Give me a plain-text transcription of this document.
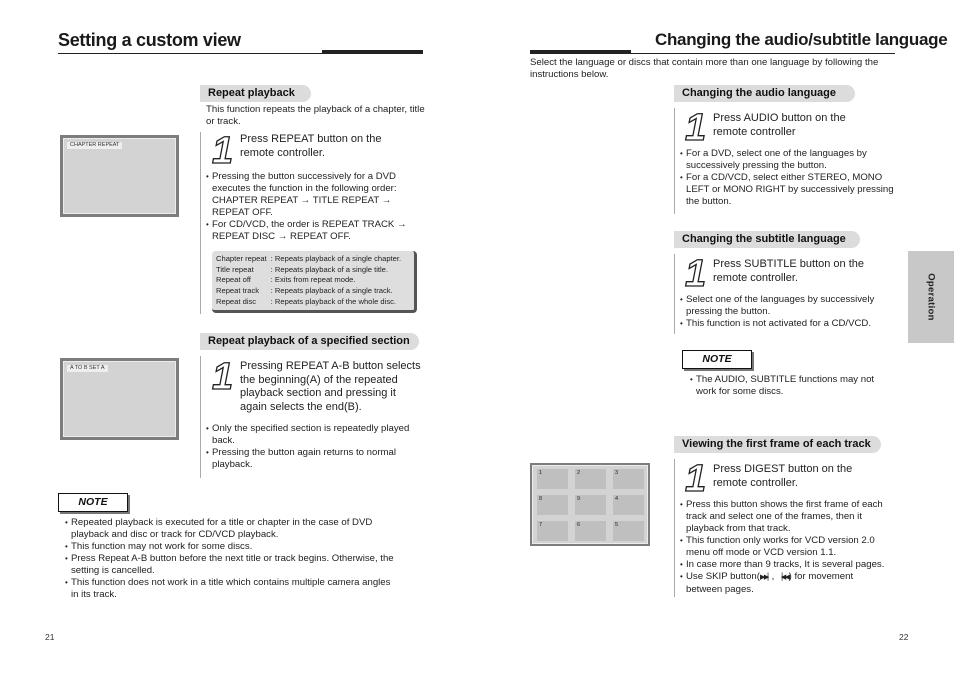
Setting a custom view
Repeat playback
This function repeats the playback of a chapter, title or track.
CHAPTER REPEAT 1 Press REPEAT button on the remote controller.
• Pressing the button successively for a DVD executes the function in the following order: CHAPTER REPEAT → TITLE REPEAT → REPEAT OFF.
• For CD/VCD, the order is REPEAT TRACK → REPEAT DISC → REPEAT OFF.
Chapter repeat	: Repeats playback of a single chapter.
Title repeat	: Repeats playback of a single title.
Repeat off	: Exits from repeat mode.
Repeat track	: Repeats playback of a single track.
Repeat disc	: Repeats playback of the whole disc.
Repeat playback of a specified section
A TO B SET A	1 Pressing REPEAT A-B button selects the beginning(A) of the repeated playback section and pressing it again selects the end(B).
• Only the specified section is repeatedly played back.
• Pressing the button again returns to normal playback.
NOTE
• Repeated playback is executed for a title or chapter in the case of DVD playback and disc or track for CD/VCD playback.
• This function may not work for some discs.
• Press Repeat A-B button before the next title or track begins. Otherwise, the setting is cancelled.
• This function does not work in a title which contains multiple camera angles in its track.
21
Changing the audio/subtitle language
Select the language or discs that contain more than one language by following the instructions below.
Changing the audio language
1 Press AUDIO button on the remote controller
• For a DVD, select one of the languages by successively pressing the button.
• For a CD/VCD, select either STEREO, MONO LEFT or MONO RIGHT by successively pressing the button.
Changing the subtitle language
1 Press SUBTITLE button on the remote controller.
• Select one of the languages by successively pressing the button.
• This function is not activated for a CD/VCD.
NOTE
• The AUDIO, SUBTITLE functions may not work for some discs.
Viewing the first frame of each track
1	2	3
8	9	4
7	6	5
1 Press DIGEST button on the remote controller.
• Press this button shows the first frame of each track and select one of the frames, then it playback from that track.
• This function only works for VCD version 2.0 menu off mode or VCD version 1.1.
• In case more than 9 tracks, It is several pages.
• Use SKIP button(▶▶▏, ▕◀◀) for movement between pages.
Operation
22
